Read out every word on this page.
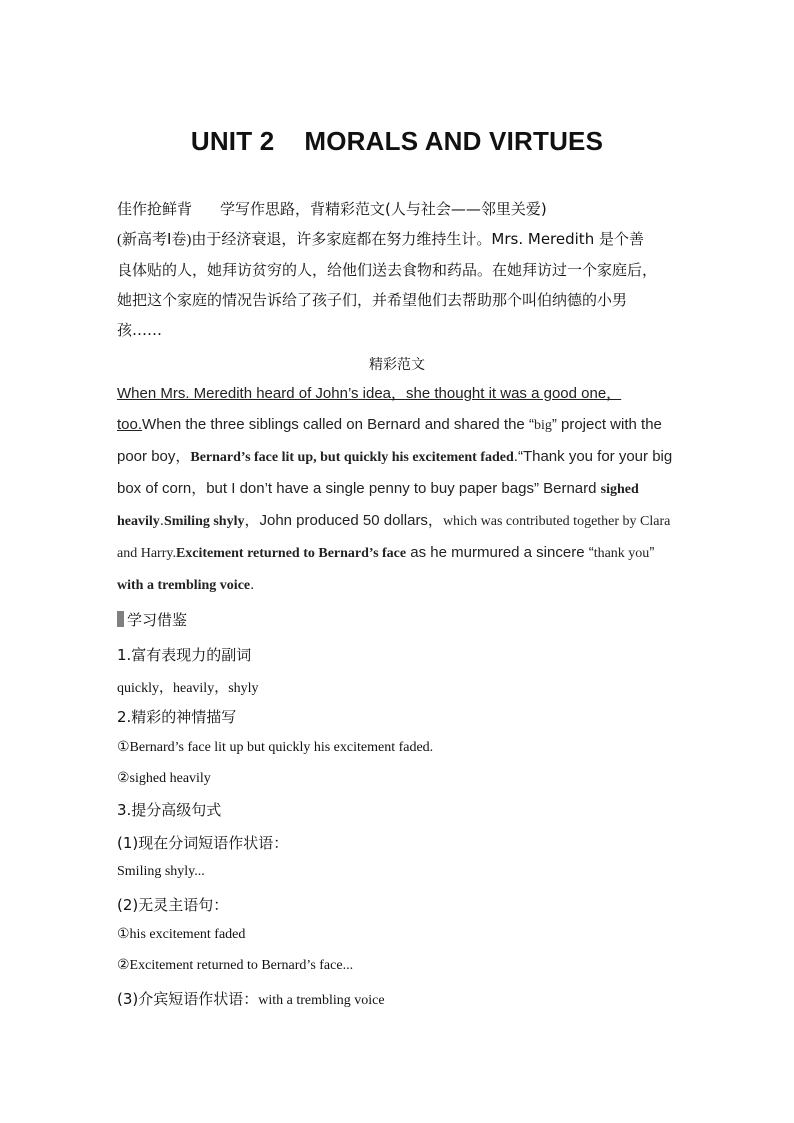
UNIT 2 MORALS AND VIRTUES
佳作抢鲜背 学写作思路，背精彩范文(人与社会——邻里关爱)
(新高考Ⅰ卷)由于经济衰退，许多家庭都在努力维持生计。Mrs. Meredith 是个善
良体贴的人，她拜访贫穷的人，给他们送去食物和药品。在她拜访过一个家庭后，
她把这个家庭的情况告诉给了孩子们，并希望他们去帮助那个叫伯纳德的小男
孩……
精彩范文
When Mrs. Meredith heard of John’s idea，she thought it was a good one，too.When the three siblings called on Bernard and shared the “big” project with the poor boy，Bernard’s face lit up, but quickly his excitement faded.“Thank you for your big box of corn，but I don’t have a single penny to buy paper bags” Bernard sighed heavily.Smiling shyly，John produced 50 dollars，which was contributed together by Clara and Harry.Excitement returned to Bernard’s face as he murmured a sincere “thank you” with a trembling voice.
学习借鉴
1.富有表现力的副词
quickly，heavily，shyly
2.精彩的神情描写
①Bernard’s face lit up but quickly his excitement faded.
②sighed heavily
3.提分高级句式
(1)现在分词短语作状语：
Smiling shyly...
(2)无灵主语句：
①his excitement faded
②Excitement returned to Bernard’s face...
(3)介宾短语作状语：with a trembling voice
